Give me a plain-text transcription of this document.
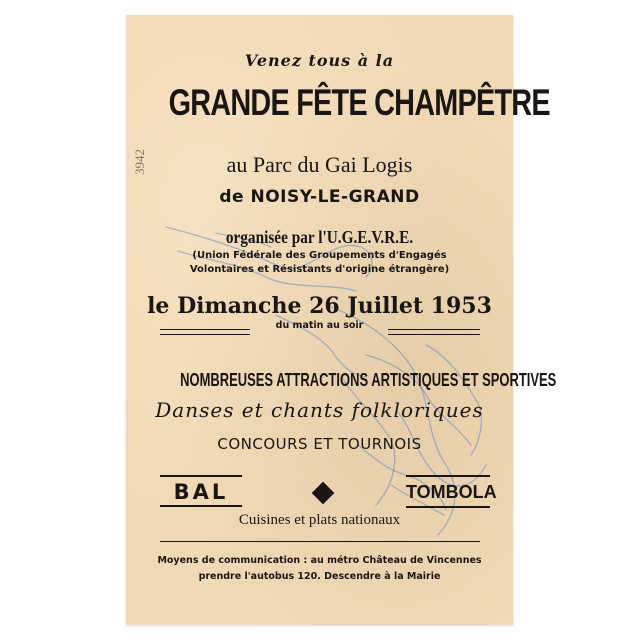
3942
Venez tous à la
GRANDE FÊTE CHAMPÊTRE
au Parc du Gai Logis
de NOISY-LE-GRAND
organisée par l'U.G.E.V.R.E.
(Union Fédérale des Groupements d'Engagés
Volontaires et Résistants d'origine étrangère)
le Dimanche 26 Juillet 1953
du matin au soir
NOMBREUSES ATTRACTIONS ARTISTIQUES ET SPORTIVES
Danses et chants folkloriques
CONCOURS ET TOURNOIS
BAL	TOMBOLA
Cuisines et plats nationaux
Moyens de communication : au métro Château de Vincennes
prendre l'autobus 120. Descendre à la Mairie
